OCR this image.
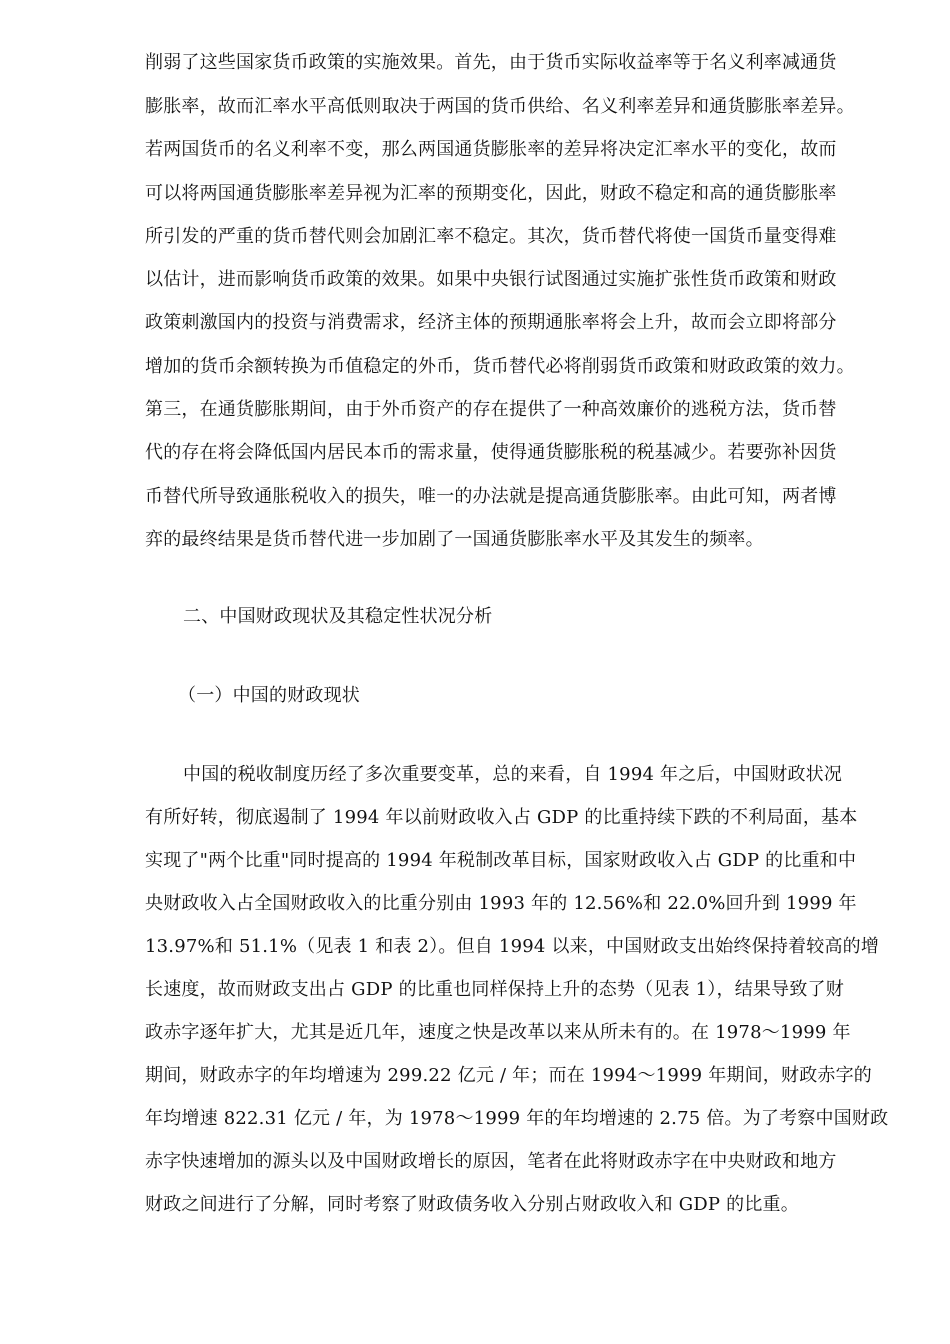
削弱了这些国家货币政策的实施效果。首先，由于货币实际收益率等于名义利率减通货
膨胀率，故而汇率水平高低则取决于两国的货币供给、名义利率差异和通货膨胀率差异。
若两国货币的名义利率不变，那么两国通货膨胀率的差异将决定汇率水平的变化，故而
可以将两国通货膨胀率差异视为汇率的预期变化，因此，财政不稳定和高的通货膨胀率
所引发的严重的货币替代则会加剧汇率不稳定。其次，货币替代将使一国货币量变得难
以估计，进而影响货币政策的效果。如果中央银行试图通过实施扩张性货币政策和财政
政策刺激国内的投资与消费需求，经济主体的预期通胀率将会上升，故而会立即将部分
增加的货币余额转换为币值稳定的外币，货币替代必将削弱货币政策和财政政策的效力。
第三，在通货膨胀期间，由于外币资产的存在提供了一种高效廉价的逃税方法，货币替
代的存在将会降低国内居民本币的需求量，使得通货膨胀税的税基减少。若要弥补因货
币替代所导致通胀税收入的损失，唯一的办法就是提高通货膨胀率。由此可知，两者博
弈的最终结果是货币替代进一步加剧了一国通货膨胀率水平及其发生的频率。
二、中国财政现状及其稳定性状况分析
（一）中国的财政现状
中国的税收制度历经了多次重要变革，总的来看，自 1994 年之后，中国财政状况
有所好转，彻底遏制了 1994 年以前财政收入占 GDP 的比重持续下跌的不利局面，基本
实现了"两个比重"同时提高的 1994 年税制改革目标，国家财政收入占 GDP 的比重和中
央财政收入占全国财政收入的比重分别由 1993 年的 12.56%和 22.0%回升到 1999 年
13.97%和 51.1%（见表 1 和表 2）。但自 1994 以来，中国财政支出始终保持着较高的增
长速度，故而财政支出占 GDP 的比重也同样保持上升的态势（见表 1），结果导致了财
政赤字逐年扩大，尤其是近几年，速度之快是改革以来从所未有的。在 1978～1999 年
期间，财政赤字的年均增速为 299.22 亿元 / 年；而在 1994～1999 年期间，财政赤字的
年均增速 822.31 亿元 / 年，为 1978～1999 年的年均增速的 2.75 倍。为了考察中国财政
赤字快速增加的源头以及中国财政增长的原因，笔者在此将财政赤字在中央财政和地方
财政之间进行了分解，同时考察了财政债务收入分别占财政收入和 GDP 的比重。
